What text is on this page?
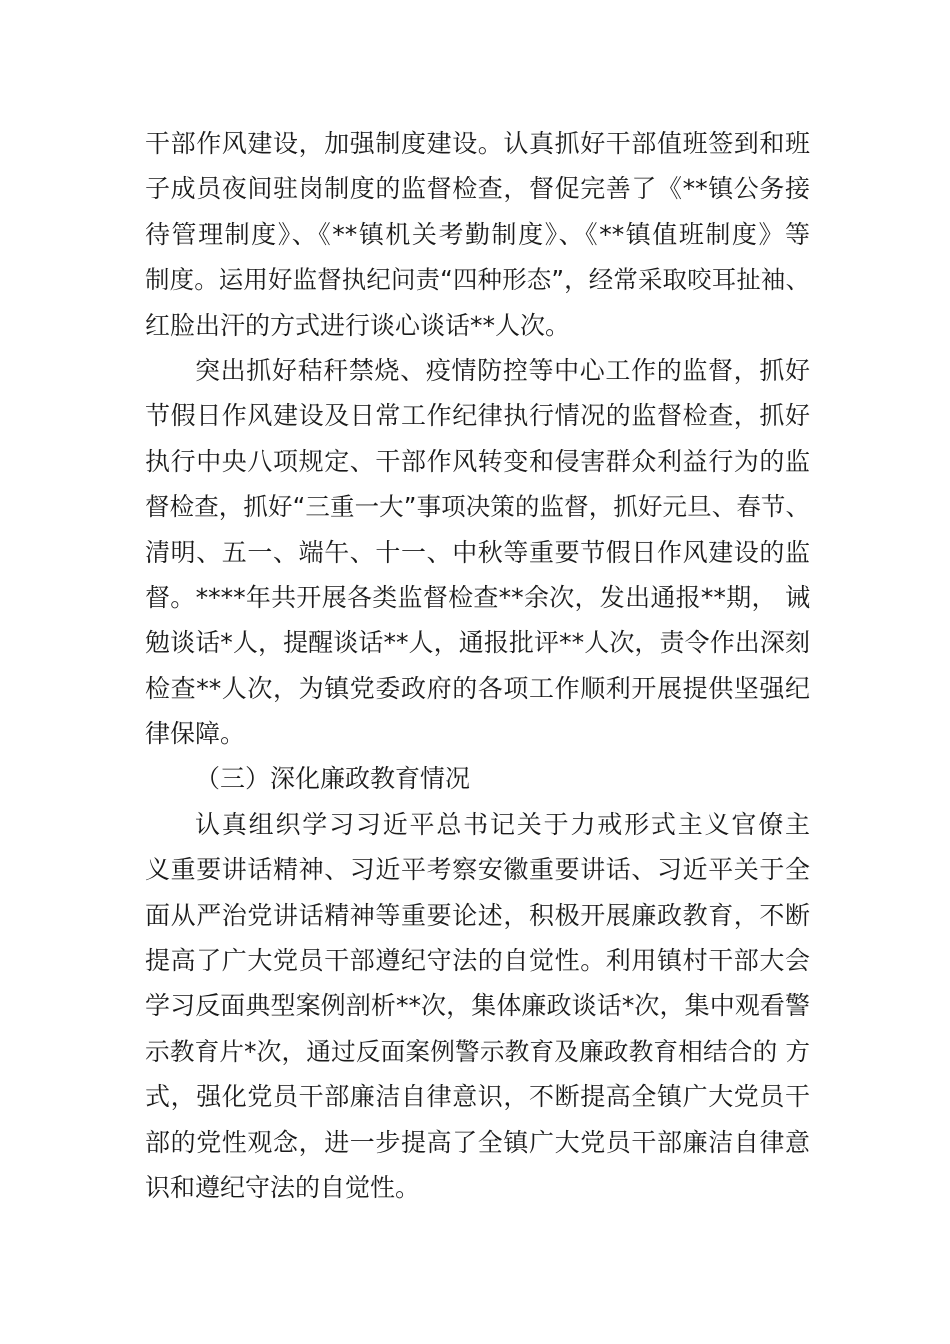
干部作风建设，加强制度建设。认真抓好干部值班签到和班
子成员夜间驻岗制度的监督检查，督促完善了《**镇公务接
待管理制度》、《**镇机关考勤制度》、《**镇值班制度》等
制度。运用好监督执纪问责“四种形态”，经常采取咬耳扯袖、
红脸出汗的方式进行谈心谈话**人次。
突出抓好秸秆禁烧、疫情防控等中心工作的监督，抓好
节假日作风建设及日常工作纪律执行情况的监督检查，抓好
执行中央八项规定、干部作风转变和侵害群众利益行为的监
督检查，抓好“三重一大”事项决策的监督，抓好元旦、春节、
清明、五一、端午、十一、中秋等重要节假日作风建设的监
督。****年共开展各类监督检查**余次，发出通报**期， 诫
勉谈话*人，提醒谈话**人，通报批评**人次，责令作出深刻
检查**人次，为镇党委政府的各项工作顺利开展提供坚强纪
律保障。
（三）深化廉政教育情况
认真组织学习习近平总书记关于力戒形式主义官僚主
义重要讲话精神、习近平考察安徽重要讲话、习近平关于全
面从严治党讲话精神等重要论述，积极开展廉政教育，不断
提高了广大党员干部遵纪守法的自觉性。利用镇村干部大会
学习反面典型案例剖析**次，集体廉政谈话*次，集中观看警
示教育片*次，通过反面案例警示教育及廉政教育相结合的 方
式，强化党员干部廉洁自律意识，不断提高全镇广大党员干
部的党性观念，进一步提高了全镇广大党员干部廉洁自律意
识和遵纪守法的自觉性。
